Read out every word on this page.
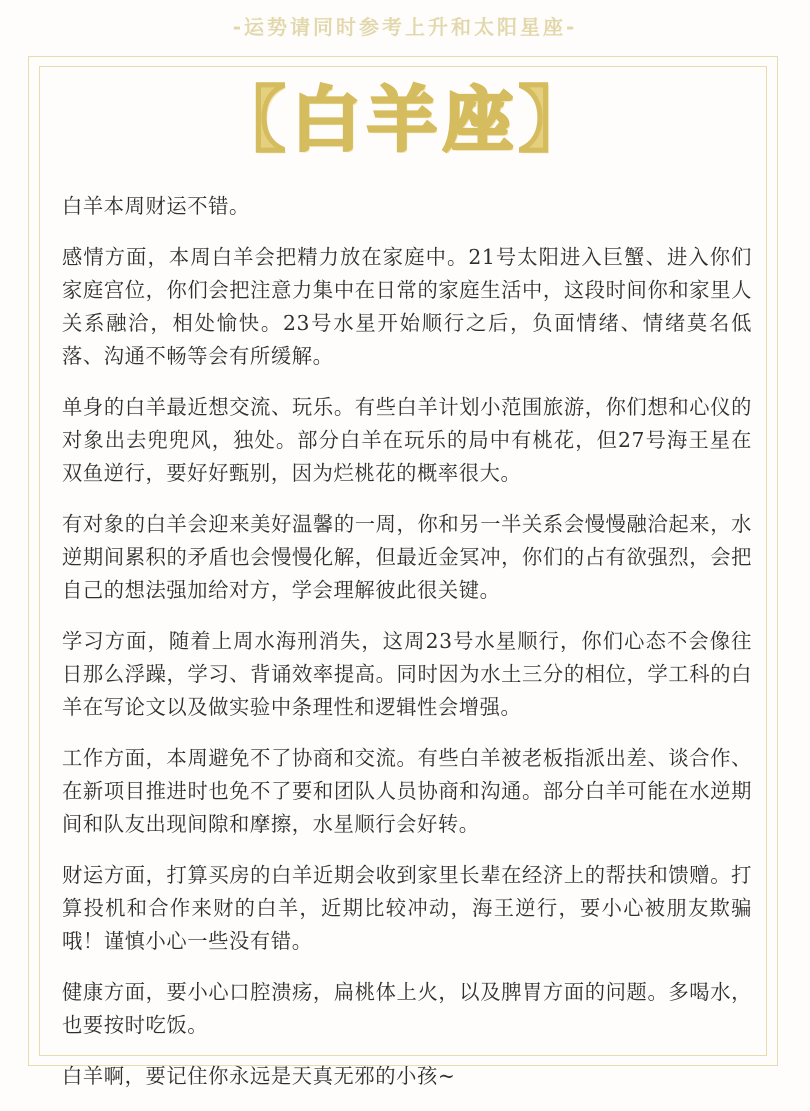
-运势请同时参考上升和太阳星座-
【白羊座】

白羊本周财运不错。

感情方面，本周白羊会把精力放在家庭中。21号太阳进入巨蟹、进入你们家庭宫位，你们会把注意力集中在日常的家庭生活中，这段时间你和家里人关系融洽，相处愉快。23号水星开始顺行之后，负面情绪、情绪莫名低落、沟通不畅等会有所缓解。

单身的白羊最近想交流、玩乐。有些白羊计划小范围旅游，你们想和心仪的对象出去兜兜风，独处。部分白羊在玩乐的局中有桃花，但27号海王星在双鱼逆行，要好好甄别，因为烂桃花的概率很大。

有对象的白羊会迎来美好温馨的一周，你和另一半关系会慢慢融洽起来，水逆期间累积的矛盾也会慢慢化解，但最近金冥冲，你们的占有欲强烈，会把自己的想法强加给对方，学会理解彼此很关键。

学习方面，随着上周水海刑消失，这周23号水星顺行，你们心态不会像往日那么浮躁，学习、背诵效率提高。同时因为水土三分的相位，学工科的白羊在写论文以及做实验中条理性和逻辑性会增强。

工作方面，本周避免不了协商和交流。有些白羊被老板指派出差、谈合作、在新项目推进时也免不了要和团队人员协商和沟通。部分白羊可能在水逆期间和队友出现间隙和摩擦，水星顺行会好转。

财运方面，打算买房的白羊近期会收到家里长辈在经济上的帮扶和馈赠。打算投机和合作来财的白羊，近期比较冲动，海王逆行，要小心被朋友欺骗哦！谨慎小心一些没有错。

健康方面，要小心口腔溃疡，扁桃体上火，以及脾胃方面的问题。多喝水，也要按时吃饭。

白羊啊，要记住你永远是天真无邪的小孩~
